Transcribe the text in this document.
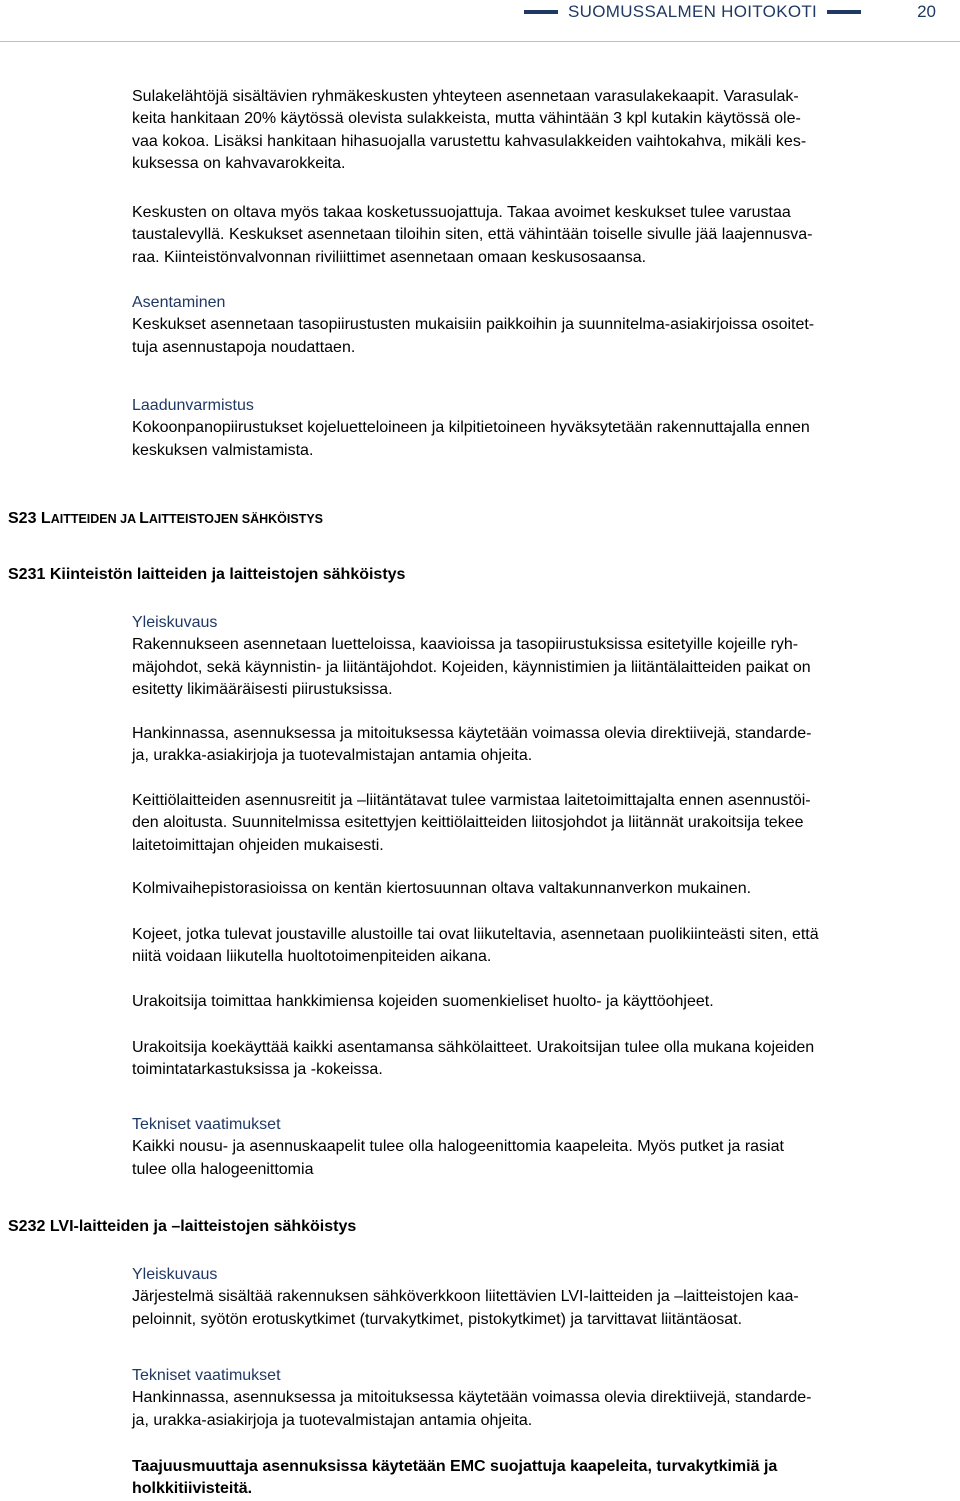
SUOMUSSALMEN HOITOKOTI	20

Sulakelähtöjä sisältävien ryhmäkeskusten yhteyteen asennetaan varasulakekaapit. Varasulak-

keita hankitaan 20% käytössä olevista sulakkeista, mutta vähintään 3 kpl kutakin käytössä ole-

vaa kokoa. Lisäksi hankitaan hihasuojalla varustettu kahvasulakkeiden vaihtokahva, mikäli kes-

kuksessa on kahvavarokkeita.

Keskusten on oltava myös takaa kosketussuojattuja. Takaa avoimet keskukset tulee varustaa

taustalevyllä. Keskukset asennetaan tiloihin siten, että vähintään toiselle sivulle jää laajennusva-

raa. Kiinteistönvalvonnan riviliittimet asennetaan omaan keskusosaansa.

Asentaminen

Keskukset asennetaan tasopiirustusten mukaisiin paikkoihin ja suunnitelma-asiakirjoissa osoitet-

tuja asennustapoja noudattaen.

Laadunvarmistus

Kokoonpanopiirustukset kojeluetteloineen ja kilpitietoineen hyväksytetään rakennuttajalla ennen

keskuksen valmistamista.

S23 LAITTEIDEN JA LAITTEISTOJEN SÄHKÖISTYS
S231 Kiinteistön laitteiden ja laitteistojen sähköistys

Yleiskuvaus

Rakennukseen asennetaan luetteloissa, kaavioissa ja tasopiirustuksissa esitetyille kojeille ryh-

mäjohdot, sekä käynnistin- ja liitäntäjohdot. Kojeiden, käynnistimien ja liitäntälaitteiden paikat on

esitetty likimääräisesti piirustuksissa.

Hankinnassa, asennuksessa ja mitoituksessa käytetään voimassa olevia direktiivejä, standarde-

ja, urakka-asiakirjoja ja tuotevalmistajan antamia ohjeita.

Keittiölaitteiden asennusreitit ja –liitäntätavat tulee varmistaa laitetoimittajalta ennen asennustöi-

den aloitusta. Suunnitelmissa esitettyjen keittiölaitteiden liitosjohdot ja liitännät urakoitsija tekee

laitetoimittajan ohjeiden mukaisesti.

Kolmivaihepistorasioissa on kentän kiertosuunnan oltava valtakunnanverkon mukainen.

Kojeet, jotka tulevat joustaville alustoille tai ovat liikuteltavia, asennetaan puolikiinteästi siten, että

niitä voidaan liikutella huoltotoimenpiteiden aikana.

Urakoitsija toimittaa hankkimiensa kojeiden suomenkieliset huolto- ja käyttöohjeet.

Urakoitsija koekäyttää kaikki asentamansa sähkölaitteet. Urakoitsijan tulee olla mukana kojeiden

toimintatarkastuksissa ja -kokeissa.

Tekniset vaatimukset

Kaikki nousu- ja asennuskaapelit tulee olla halogeenittomia kaapeleita. Myös putket ja rasiat

tulee olla halogeenittomia

S232 LVI-laitteiden ja –laitteistojen sähköistys

Yleiskuvaus

Järjestelmä sisältää rakennuksen sähköverkkoon liitettävien LVI-laitteiden ja –laitteistojen kaa-

peloinnit, syötön erotuskytkimet (turvakytkimet, pistokytkimet) ja tarvittavat liitäntäosat.

Tekniset vaatimukset

Hankinnassa, asennuksessa ja mitoituksessa käytetään voimassa olevia direktiivejä, standarde-

ja, urakka-asiakirjoja ja tuotevalmistajan antamia ohjeita.

Taajuusmuuttaja asennuksissa käytetään EMC suojattuja kaapeleita, turvakytkimiä ja

holkkitiivisteitä.
